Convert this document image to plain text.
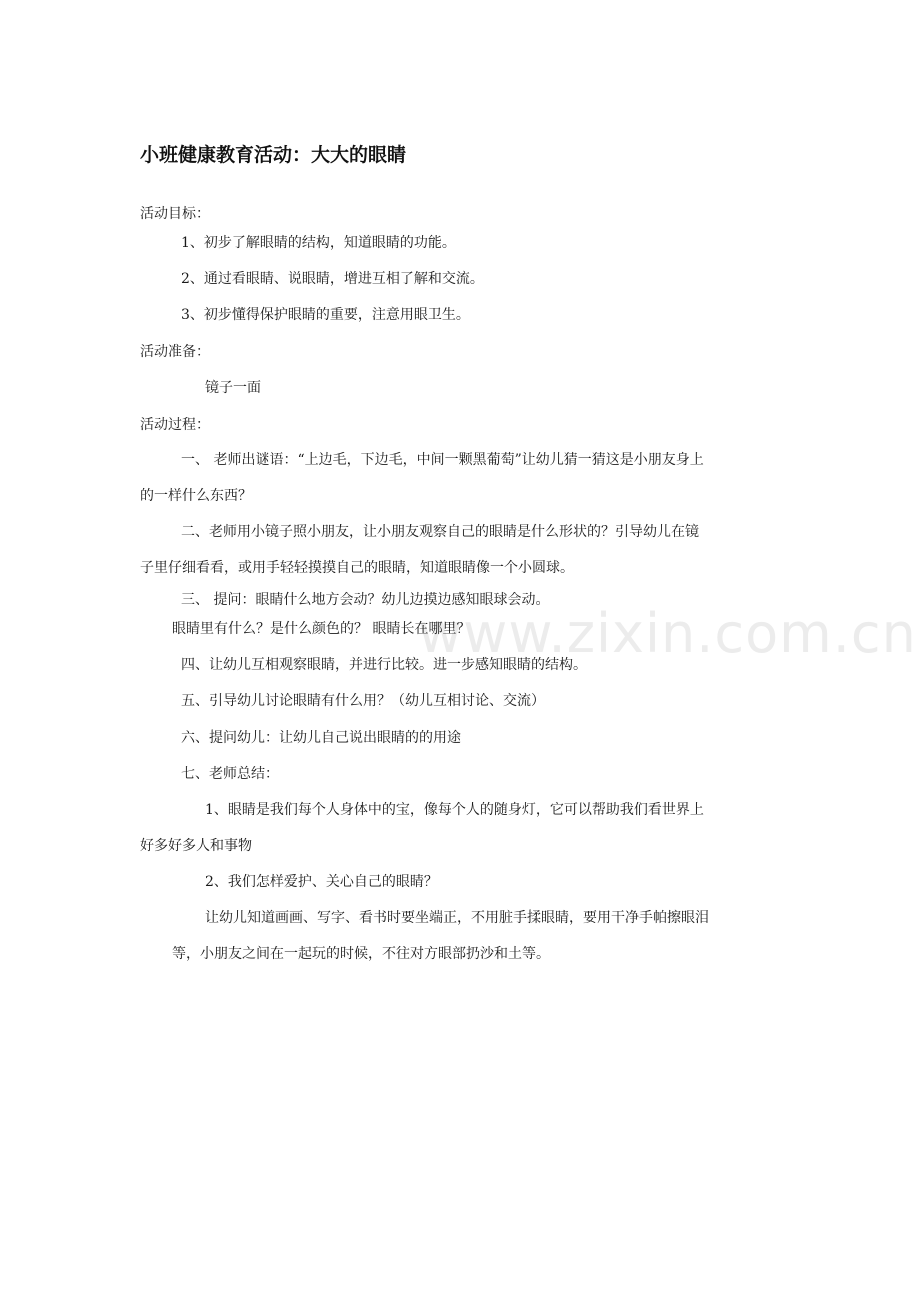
www.zixin.com.cn
小班健康教育活动：大大的眼睛
活动目标：
1、初步了解眼睛的结构，知道眼睛的功能。
2、通过看眼睛、说眼睛，增进互相了解和交流。
3、初步懂得保护眼睛的重要，注意用眼卫生。
活动准备：
镜子一面
活动过程：
一、 老师出谜语：“上边毛，下边毛，中间一颗黑葡萄”让幼儿猜一猜这是小朋友身上
的一样什么东西？
二、老师用小镜子照小朋友，让小朋友观察自己的眼睛是什么形状的？引导幼儿在镜
子里仔细看看，或用手轻轻摸摸自己的眼睛，知道眼睛像一个小圆球。
三、 提问：眼睛什么地方会动？幼儿边摸边感知眼球会动。
眼睛里有什么？是什么颜色的？ 眼睛长在哪里？
四、让幼儿互相观察眼睛，并进行比较。进一步感知眼睛的结构。
五、引导幼儿讨论眼睛有什么用？（幼儿互相讨论、交流）
六、提问幼儿：让幼儿自己说出眼睛的的用途
七、老师总结：
1、眼睛是我们每个人身体中的宝，像每个人的随身灯，它可以帮助我们看世界上
好多好多人和事物
2、我们怎样爱护、关心自己的眼睛？
让幼儿知道画画、写字、看书时要坐端正，不用脏手揉眼睛，要用干净手帕擦眼泪
等，小朋友之间在一起玩的时候，不往对方眼部扔沙和土等。
